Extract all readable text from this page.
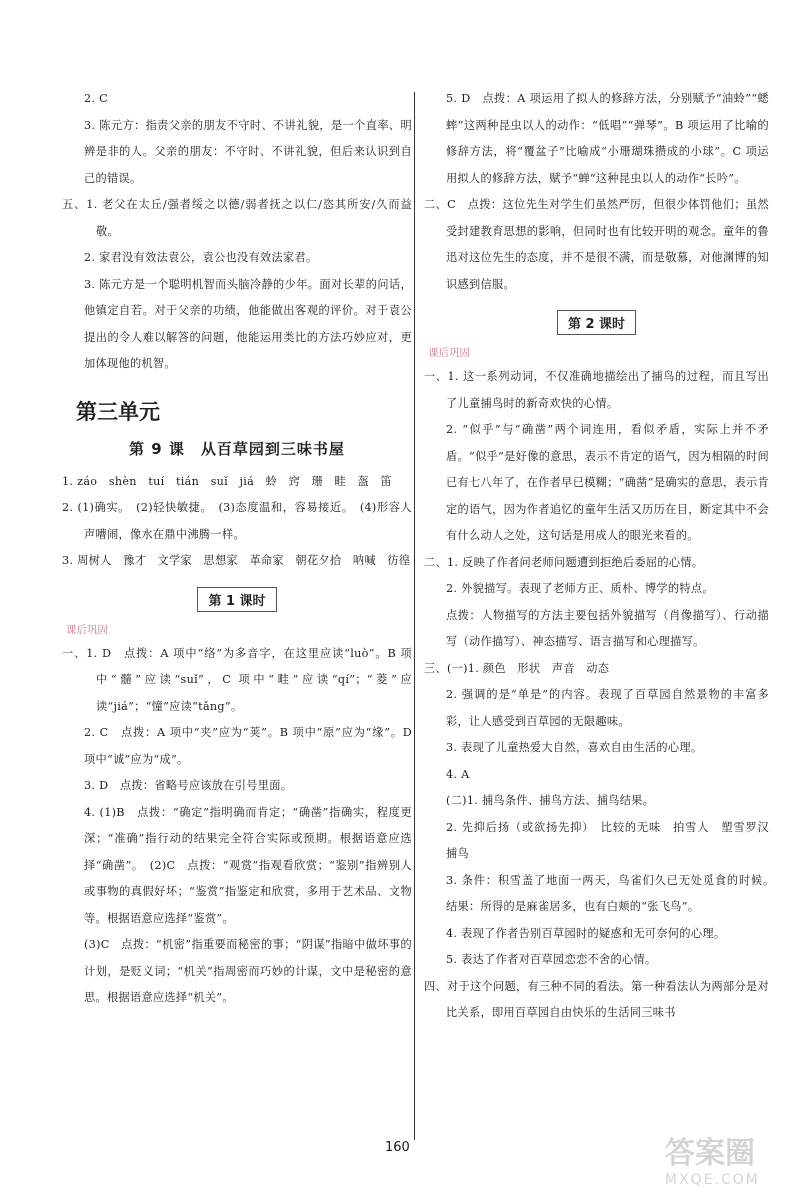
2. C

3. 陈元方：指责父亲的朋友不守时、不讲礼貌，是一个直率、明辨是非的人。父亲的朋友：不守时、不讲礼貌，但后来认识到自己的错误。

五、1. 老父在太丘/强者绥之以德/弱者抚之以仁/恣其所安/久而益敬。

2. 家君没有效法袁公，袁公也没有效法家君。

3. 陈元方是一个聪明机智而头脑冷静的少年。面对长辈的问话，他镇定自若。对于父亲的功绩，他能做出客观的评价。对于袁公提出的令人难以解答的问题，他能运用类比的方法巧妙应对，更加体现他的机智。

第三单元
第 9 课　从百草园到三味书屋

1. záo　shèn　tuí　tián　suǐ　jiá　蛉　窍　珊　畦　盔　笛

2. (1)确实。　(2)轻快敏捷。　(3)态度温和，容易接近。　(4)形容人声嘈闹，像水在鼎中沸腾一样。

3. 周树人　豫才　文学家　思想家　革命家　朝花夕拾　呐喊　彷徨

第 1 课时
课后巩固

一、1. D　点拨：A 项中“络”为多音字，在这里应读“luò”。B 项中“髓”应读“suǐ”，C 项中“畦”应读“qí”；“菱”应读“jiá”；“憧”应读“tǎng”。

2. C　点拨：A 项中“夹”应为“荚”。B 项中“原”应为“缘”。D 项中“诚”应为“成”。

3. D　点拨：省略号应该放在引号里面。

4. (1)B　点拨：“确定”指明确而肯定；“确凿”指确实，程度更深；“准确”指行动的结果完全符合实际或预期。根据语意应选择“确凿”。　(2)C　点拨：“观赏”指观看欣赏；“鉴别”指辨别人或事物的真假好坏；“鉴赏”指鉴定和欣赏，多用于艺术品、文物等。根据语意应选择“鉴赏”。

(3)C　点拨：“机密”指重要而秘密的事；“阴谋”指暗中做坏事的计划，是贬义词；“机关”指周密而巧妙的计谋，文中是秘密的意思。根据语意应选择“机关”。

5. D　点拨：A 项运用了拟人的修辞方法，分别赋予“油蛉”“蟋蟀”这两种昆虫以人的动作：“低唱”“弹琴”。B 项运用了比喻的修辞方法，将“覆盆子”比喻成“小珊瑚珠攒成的小球”。C 项运用拟人的修辞方法，赋予“蝉”这种昆虫以人的动作“长吟”。

二、C　点拨：这位先生对学生们虽然严厉，但很少体罚他们；虽然受封建教育思想的影响，但同时也有比较开明的观念。童年的鲁迅对这位先生的态度，并不是很不满，而是敬慕，对他渊博的知识感到信服。

第 2 课时
课后巩固

一、1. 这一系列动词，不仅准确地描绘出了捕鸟的过程，而且写出了儿童捕鸟时的新奇欢快的心情。

2. “似乎”与“确凿”两个词连用，看似矛盾，实际上并不矛盾。“似乎”是好像的意思，表示不肯定的语气，因为相隔的时间已有七八年了，在作者早已模糊；“确凿”是确实的意思，表示肯定的语气，因为作者追忆的童年生活又历历在目，断定其中不会有什么动人之处，这句话是用成人的眼光来看的。

二、1. 反映了作者问老师问题遭到拒绝后委屈的心情。

2. 外貌描写。表现了老师方正、质朴、博学的特点。

点拨：人物描写的方法主要包括外貌描写（肖像描写）、行动描写（动作描写）、神态描写、语言描写和心理描写。

三、(一)1. 颜色　形状　声音　动态

2. 强调的是“单是”的内容。表现了百草园自然景物的丰富多彩，让人感受到百草园的无限趣味。

3. 表现了儿童热爱大自然，喜欢自由生活的心理。

4. A

(二)1. 捕鸟条件、捕鸟方法、捕鸟结果。

2. 先抑后扬（或欲扬先抑）　比较的无味　拍雪人　塑雪罗汉　捕鸟

3. 条件：积雪盖了地面一两天，鸟雀们久已无处觅食的时候。　结果：所得的是麻雀居多，也有白颊的“张飞鸟”。

4. 表现了作者告别百草园时的疑惑和无可奈何的心理。

5. 表达了作者对百草园恋恋不舍的心情。

四、对于这个问题，有三种不同的看法。第一种看法认为两部分是对比关系，即用百草园自由快乐的生活同三味书

160	答案圈
MXQE.COM
